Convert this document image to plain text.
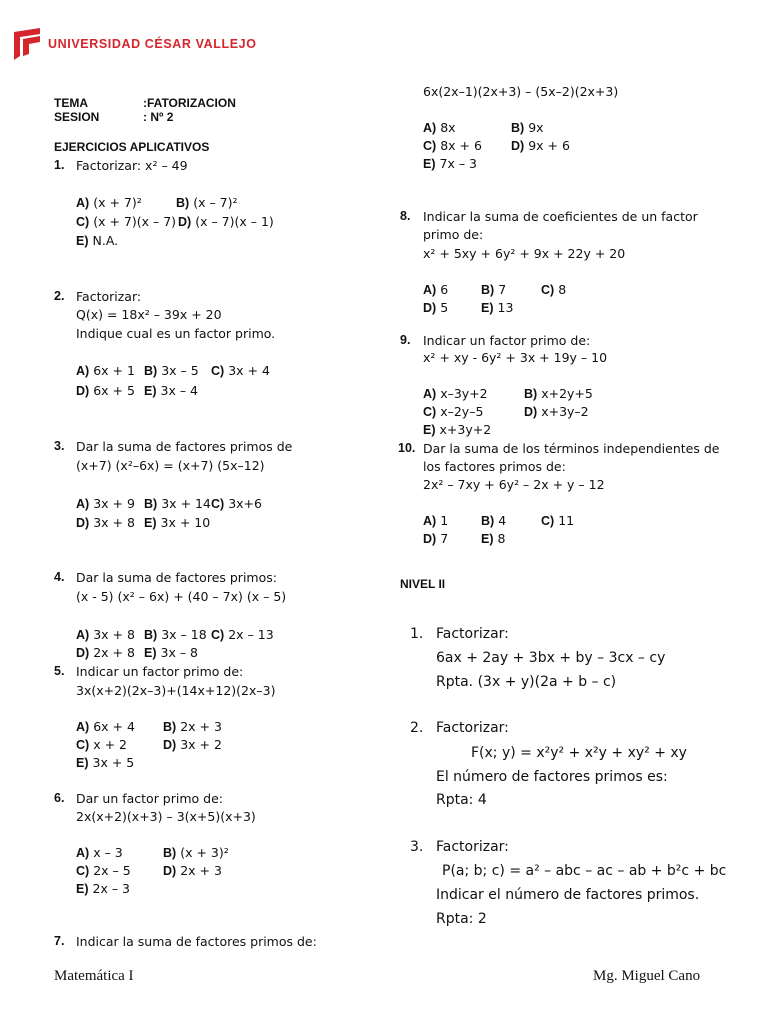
UNIVERSIDAD CÉSAR VALLEJO
TEMA	:FATORIZACION
SESION	: Nº 2
EJERCICIOS APLICATIVOS
1. Factorizar: x² – 49
A) (x + 7)²	B) (x – 7)²
C) (x + 7)(x – 7) D) (x – 7)(x – 1)
E) N.A.
2. Factorizar:
Q(x) = 18x² – 39x + 20
Indique cual es un factor primo.
A) 6x + 1 B) 3x – 5 C) 3x + 4
D) 6x + 5 E) 3x – 4
3. Dar la suma de factores primos de
(x+7) (x²–6x) = (x+7) (5x–12)
A) 3x + 9 B) 3x + 14 C) 3x+6
D) 3x + 8 E) 3x + 10
4. Dar la suma de factores primos:
(x - 5) (x² – 6x) + (40 – 7x) (x – 5)
A) 3x + 8 B) 3x – 18 C) 2x – 13
D) 2x + 8 E) 3x – 8
5. Indicar un factor primo de:
3x(x+2)(2x–3)+(14x+12)(2x–3)
A) 6x + 4 B) 2x + 3
C) x + 2	D) 3x + 2
E) 3x + 5
6. Dar un factor primo de:
2x(x+2)(x+3) – 3(x+5)(x+3)
A) x – 3	B) (x + 3)²
C) 2x – 5	D) 2x + 3
E) 2x – 3
7. Indicar la suma de factores primos de:
6x(2x–1)(2x+3) – (5x–2)(2x+3)
A) 8x	B) 9x
C) 8x + 6 D) 9x + 6
E) 7x – 3
8. Indicar la suma de coeficientes de un factor
primo de:
x² + 5xy + 6y² + 9x + 22y + 20
A) 6	B) 7	C) 8
D) 5	E) 13
9. Indicar un factor primo de:
x² + xy - 6y² + 3x + 19y – 10
A) x–3y+2	B) x+2y+5
C) x–2y–5	D) x+3y–2
E) x+3y+2
10. Dar la suma de los términos independientes de
los factores primos de:
2x² – 7xy + 6y² – 2x + y – 12
A) 1	B) 4	C) 11
D) 7	E) 8
NIVEL II
1. Factorizar:
6ax + 2ay + 3bx + by – 3cx – cy
Rpta. (3x + y)(2a + b – c)
2. Factorizar:
F(x; y) = x²y² + x²y + xy² + xy
El número de factores primos es:
Rpta: 4
3. Factorizar:
P(a; b; c) = a² – abc – ac – ab + b²c + bc
Indicar el número de factores primos.
Rpta: 2
Matemática I	Mg. Miguel Cano
